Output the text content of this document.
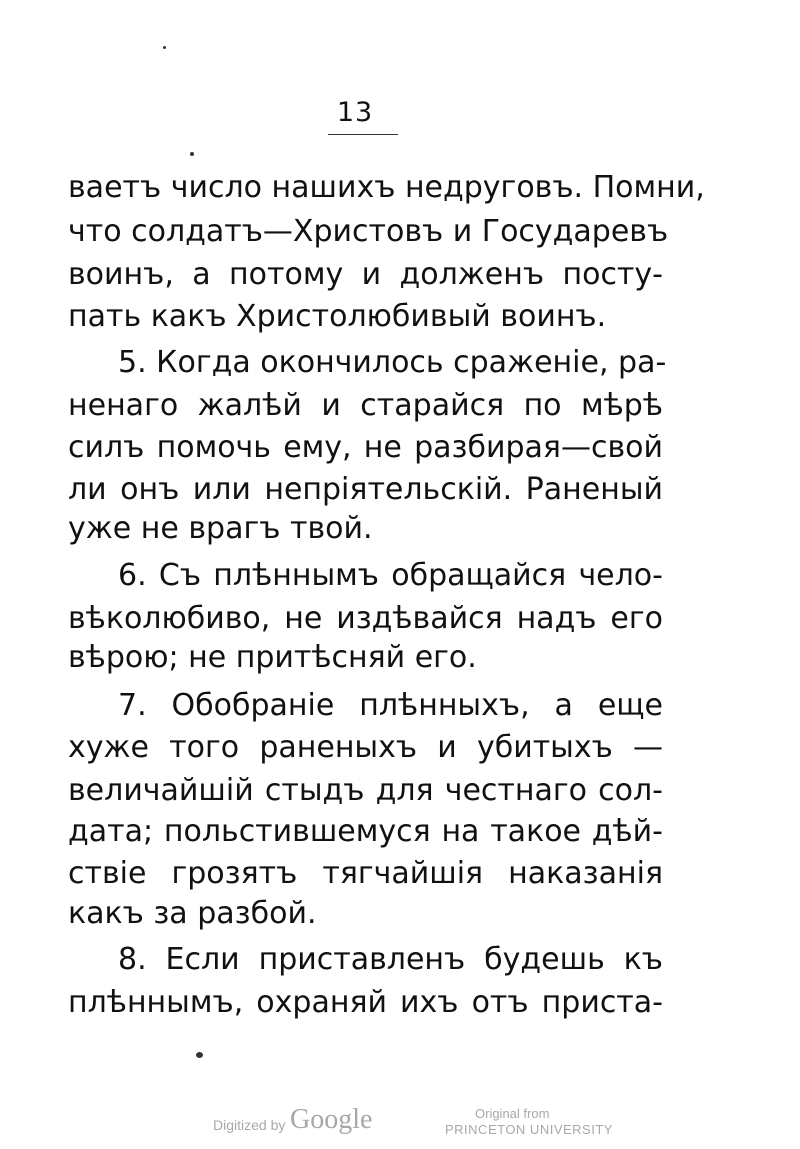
13
ваетъ число нашихъ недруговъ. Помни,
что солдатъ—Христовъ и Государевъ
воинъ, а потому и долженъ посту-
пать какъ Христолюбивый воинъ.
5. Когда окончилось сраженіе, ра-
ненаго жалѣй и старайся по мѣрѣ
силъ помочь ему, не разбирая—свой
ли онъ или непріятельскій. Раненый
уже не врагъ твой.
6. Съ плѣннымъ обращайся чело-
вѣколюбиво, не издѣвайся надъ его
вѣрою; не притѣсняй его.
7. Обобраніе плѣнныхъ, а еще
хуже того раненыхъ и убитыхъ —
величайшій стыдъ для честнаго сол-
дата; польстившемуся на такое дѣй-
ствіе грозятъ тягчайшія наказанія
какъ за разбой.
8. Если приставленъ будешь къ
плѣннымъ, охраняй ихъ отъ приста-
Digitized by Google	Original from
PRINCETON UNIVERSITY
